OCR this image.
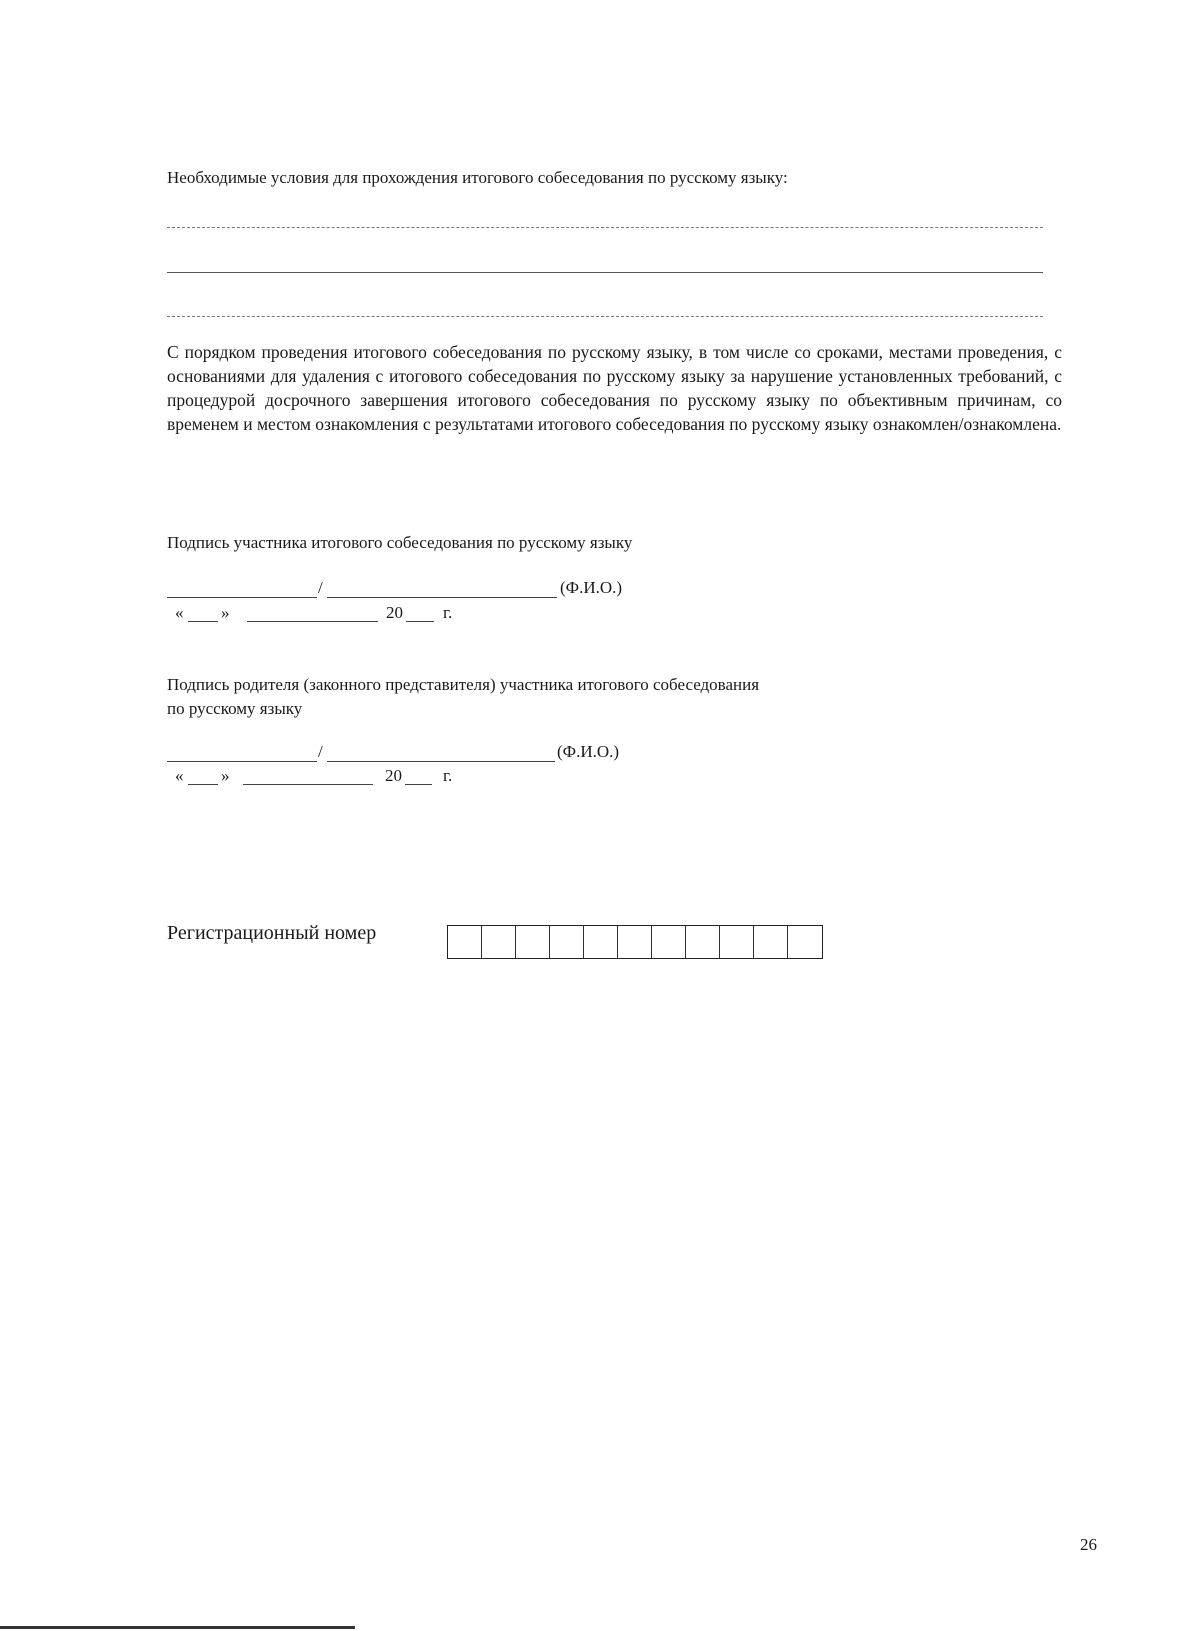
Необходимые условия для прохождения итогового собеседования по русскому языку:
С порядком проведения итогового собеседования по русскому языку, в том числе со сроками, местами проведения, с основаниями для удаления с итогового собеседования по русскому языку за нарушение установленных требований, с процедурой досрочного завершения итогового собеседования по русскому языку по объективным причинам, со временем и местом ознакомления с результатами итогового собеседования по русскому языку ознакомлен/ознакомлена.
Подпись участника итогового собеседования по русскому языку
/	(Ф.И.О.)
« »	20 г.
Подпись родителя (законного представителя) участника итогового собеседования
по русскому языку
/	(Ф.И.О.)
« »	20 г.
Регистрационный номер
26
